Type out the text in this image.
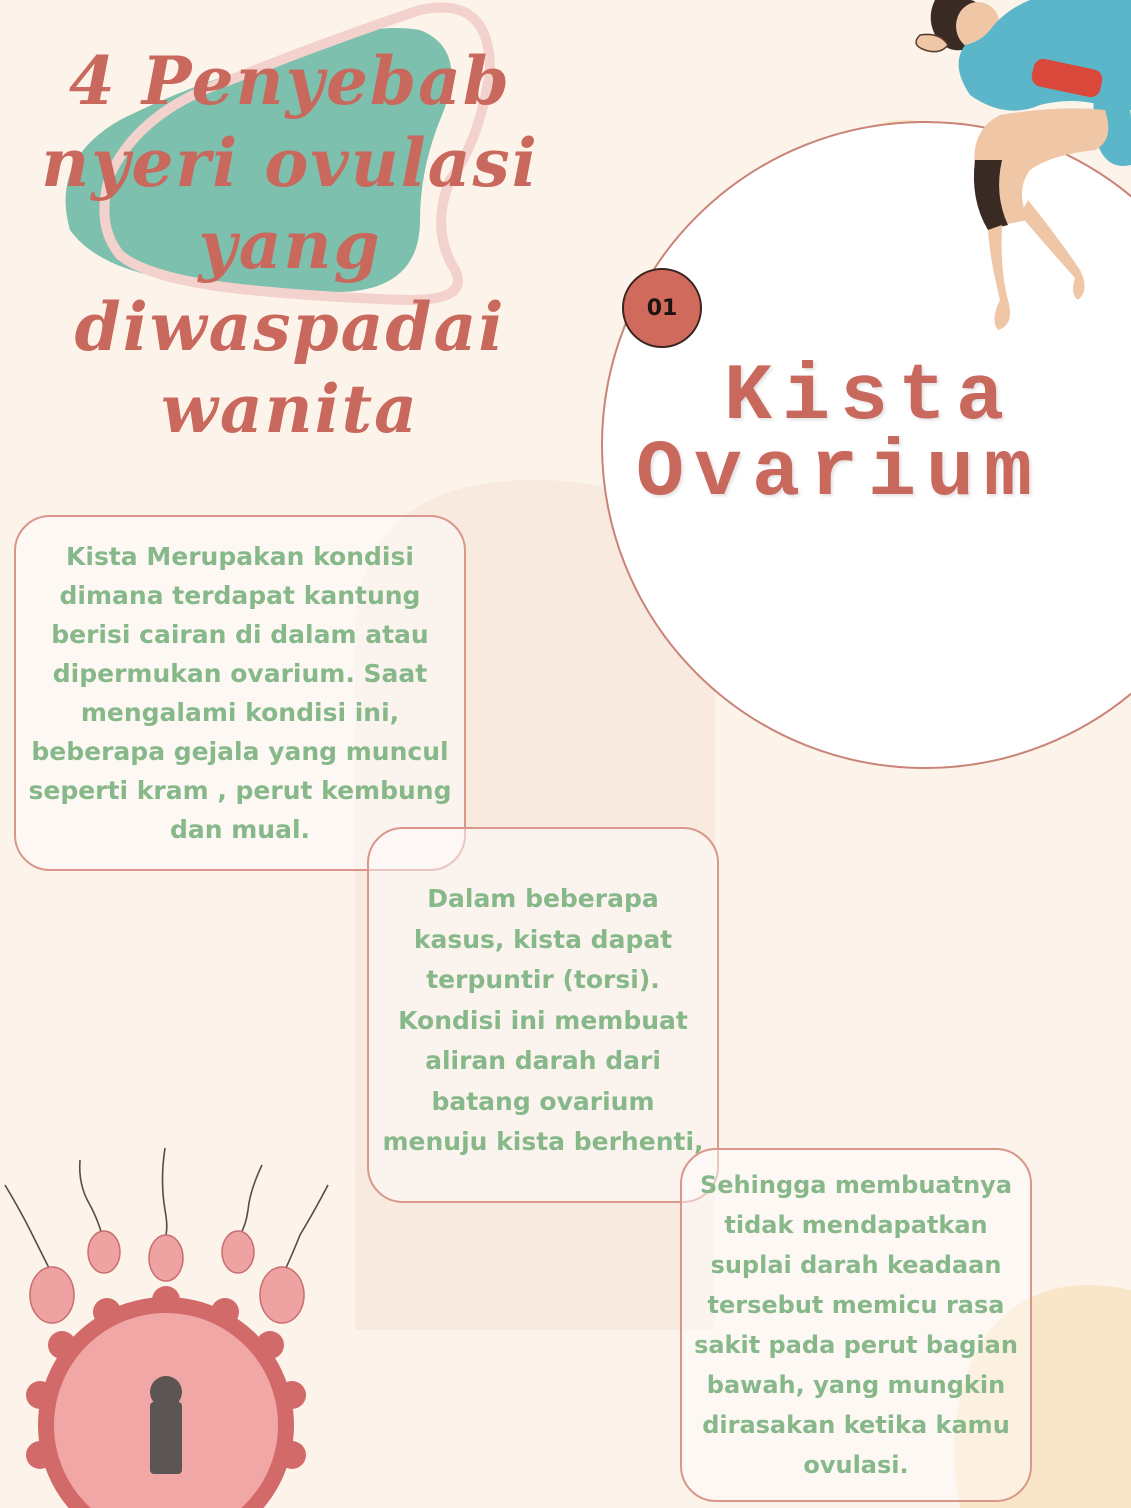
4 Penyebab nyeri ovulasi yang diwaspadai wanita
01
Kista
Ovarium
Kista Merupakan kondisi dimana terdapat kantung berisi cairan di dalam atau dipermukan ovarium. Saat mengalami kondisi ini, beberapa gejala yang muncul seperti kram , perut kembung dan mual.
Dalam beberapa kasus, kista dapat terpuntir (torsi). Kondisi ini membuat aliran darah dari batang ovarium menuju kista berhenti,
Sehingga membuatnya tidak mendapatkan suplai darah keadaan tersebut memicu rasa sakit pada perut bagian bawah, yang mungkin dirasakan ketika kamu ovulasi.
